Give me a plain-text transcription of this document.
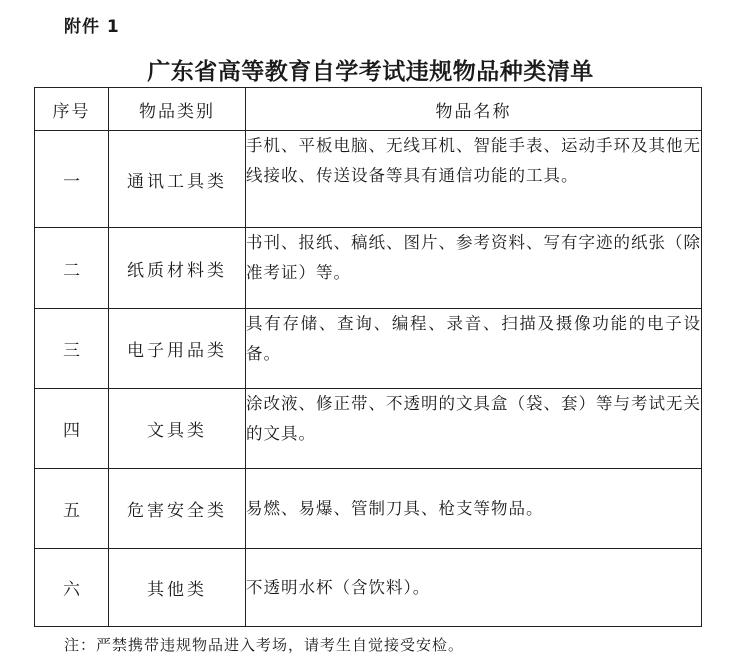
附件 1
广东省高等教育自学考试违规物品种类清单
序号	物品类别	物品名称
一	通讯工具类	手机、平板电脑、无线耳机、智能手表、运动手环及其他无线接收、传送设备等具有通信功能的工具。
二	纸质材料类	书刊、报纸、稿纸、图片、参考资料、写有字迹的纸张（除准考证）等。
三	电子用品类	具有存储、查询、编程、录音、扫描及摄像功能的电子设备。
四	文具类	涂改液、修正带、不透明的文具盒（袋、套）等与考试无关的文具。
五	危害安全类	易燃、易爆、管制刀具、枪支等物品。
六	其他类	不透明水杯（含饮料）。
注：严禁携带违规物品进入考场，请考生自觉接受安检。
